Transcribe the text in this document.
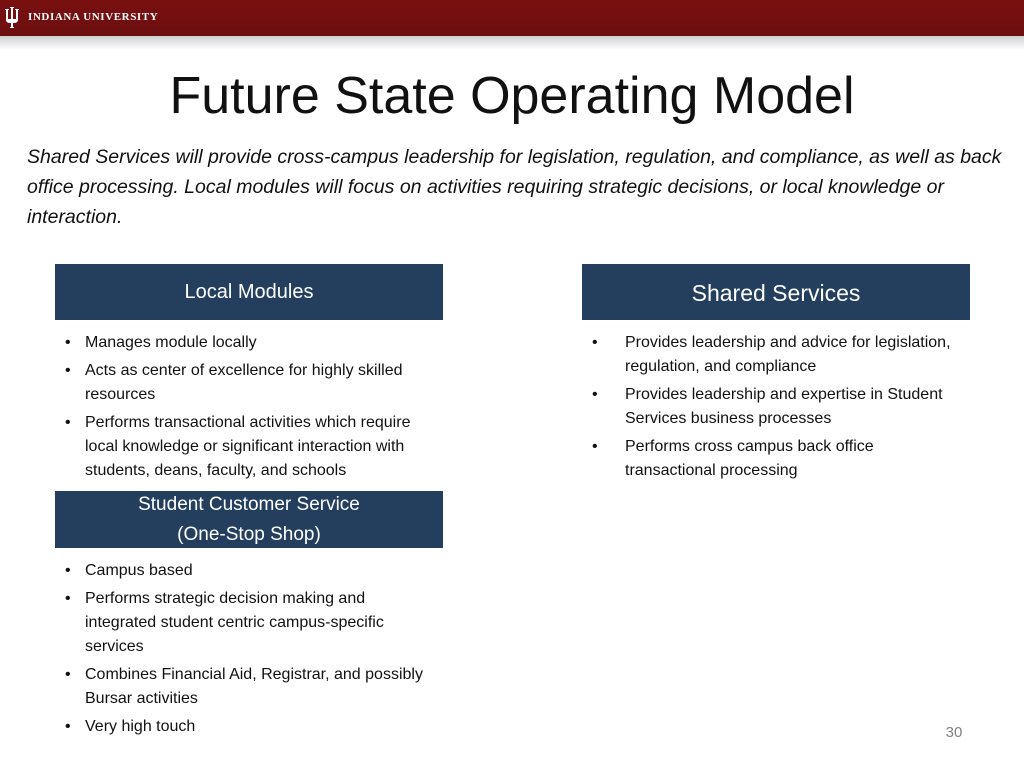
INDIANA UNIVERSITY
Future State Operating Model
Shared Services will provide cross-campus leadership for legislation, regulation, and compliance, as well as back office processing. Local modules will focus on activities requiring strategic decisions, or local knowledge or interaction.
Local Modules
• Manages module locally
• Acts as center of excellence for highly skilled resources
• Performs transactional activities which require local knowledge or significant interaction with students, deans, faculty, and schools
Shared Services
• Provides leadership and advice for legislation, regulation, and compliance
• Provides leadership and expertise in Student Services business processes
• Performs cross campus back office transactional processing
Student Customer Service
(One-Stop Shop)
• Campus based
• Performs strategic decision making and integrated student centric campus-specific services
• Combines Financial Aid, Registrar, and possibly Bursar activities
• Very high touch	30
